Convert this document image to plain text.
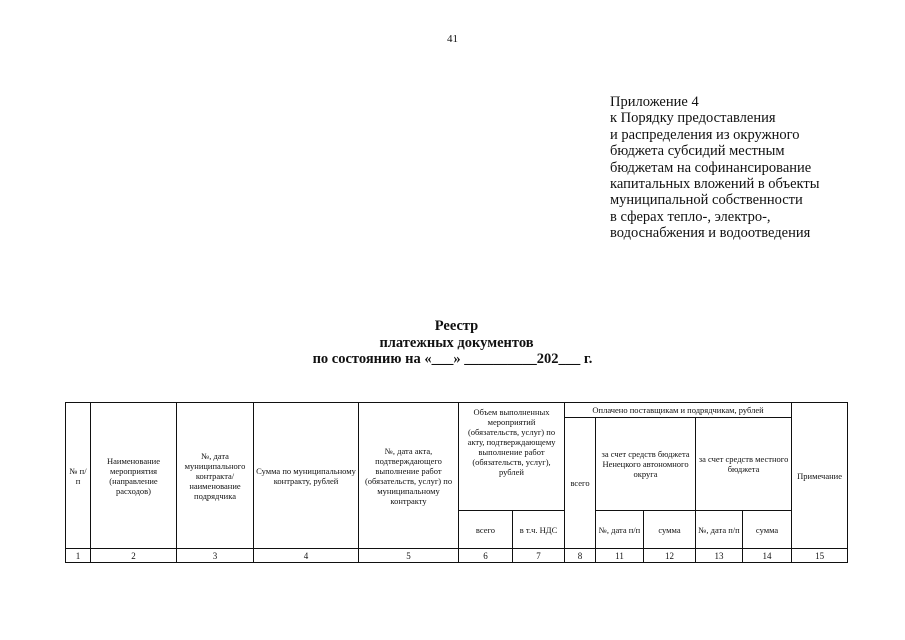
41
Приложение 4
к Порядку предоставления
и распределения из окружного
бюджета субсидий местным
бюджетам на софинансирование
капитальных вложений в объекты
муниципальной собственности
в сферах тепло-, электро-,
водоснабжения и водоотведения
Реестр
платежных документов
по состоянию на «___» __________202___ г.
№ п/п	Наименование мероприятия (направление расходов)	№, дата муниципального контракта/ наименование подрядчика	Сумма по муниципальному контракту, рублей	№, дата акта, подтверждающего выполнение работ (обязательств, услуг) по муниципальному контракту	Объем выполненных мероприятий (обязательств, услуг) по акту, подтверждающему выполнение работ (обязательств, услуг), рублей		Оплачено поставщикам и подрядчикам, рублей					Примечание
							всего	за счет средств бюджета Ненецкого автономного округа		за счет средств местного бюджета		
					всего	в т.ч. НДС		№, дата п/п	сумма	№, дата п/п	сумма	
1	2	3	4	5	6	7	8	11	12	13	14	15
